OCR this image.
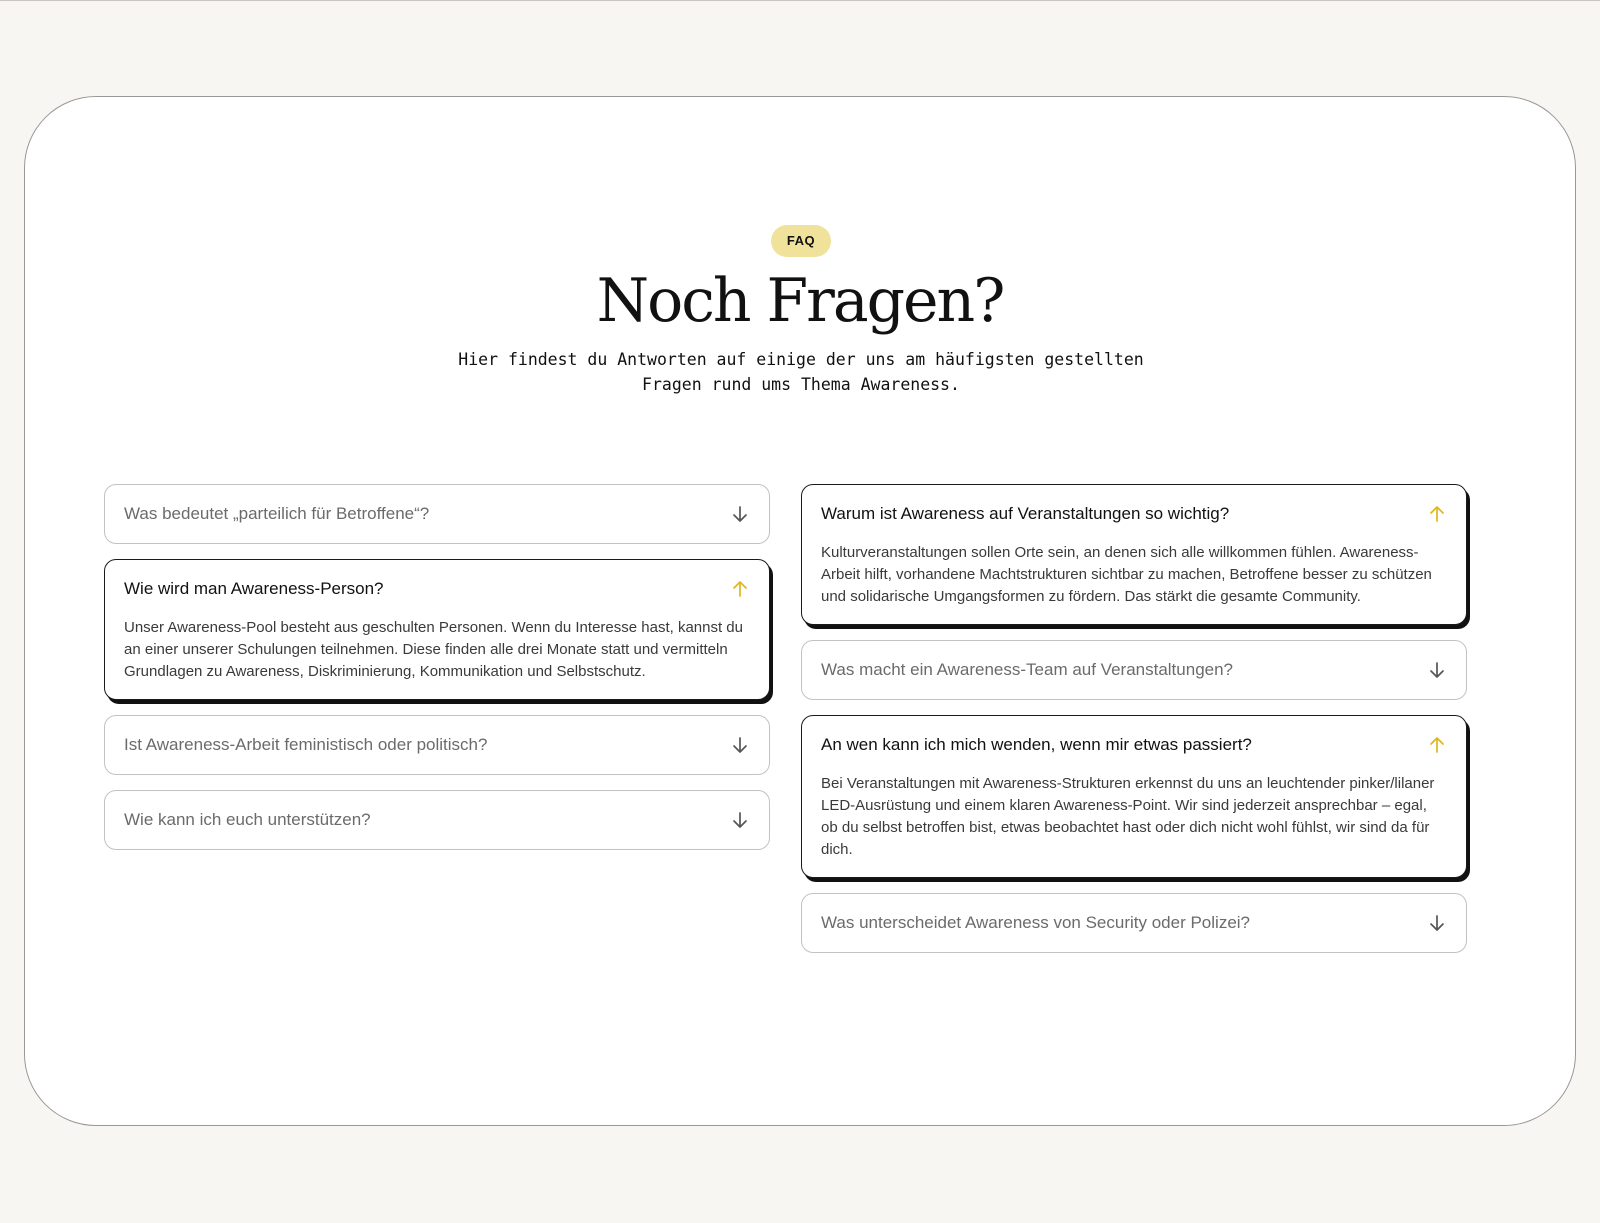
FAQ
Noch Fragen?

Hier findest du Antworten auf einige der uns am häufigsten gestellten Fragen rund ums Thema Awareness.

Was bedeutet „parteilich für Betroffene“?
Wie wird man Awareness-Person?

Unser Awareness-Pool besteht aus geschulten Personen. Wenn du Interesse hast, kannst du an einer unserer Schulungen teilnehmen. Diese finden alle drei Monate statt und vermitteln Grundlagen zu Awareness, Diskriminierung, Kommunikation und Selbstschutz.

Ist Awareness-Arbeit feministisch oder politisch?
Wie kann ich euch unterstützen?
Warum ist Awareness auf Veranstaltungen so wichtig?

Kulturveranstaltungen sollen Orte sein, an denen sich alle willkommen fühlen. Awareness-Arbeit hilft, vorhandene Machtstrukturen sichtbar zu machen, Betroffene besser zu schützen und solidarische Umgangsformen zu fördern. Das stärkt die gesamte Community.

Was macht ein Awareness-Team auf Veranstaltungen?
An wen kann ich mich wenden, wenn mir etwas passiert?

Bei Veranstaltungen mit Awareness-Strukturen erkennst du uns an leuchtender pinker/lilaner LED-Ausrüstung und einem klaren Awareness-Point. Wir sind jederzeit ansprechbar – egal, ob du selbst betroffen bist, etwas beobachtet hast oder dich nicht wohl fühlst, wir sind da für dich.

Was unterscheidet Awareness von Security oder Polizei?
